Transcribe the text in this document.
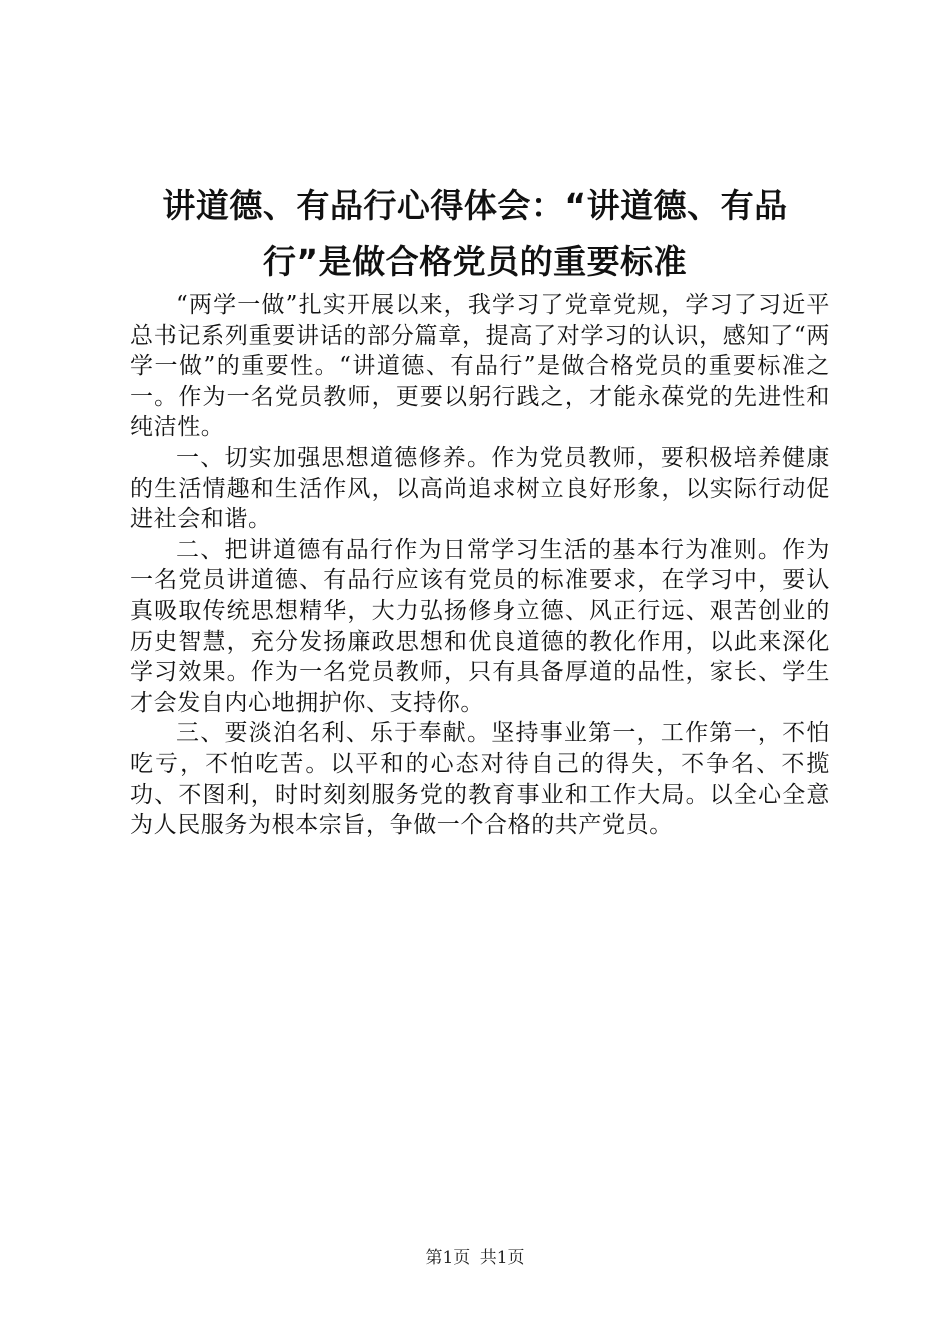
讲道德、有品行心得体会：“讲道德、有品
行”是做合格党员的重要标准

“两学一做”扎实开展以来，我学习了党章党规，学习了习近平总书记系列重要讲话的部分篇章，提高了对学习的认识，感知了“两学一做”的重要性。“讲道德、有品行”是做合格党员的重要标准之一。作为一名党员教师，更要以躬行践之，才能永葆党的先进性和纯洁性。

一、切实加强思想道德修养。作为党员教师，要积极培养健康的生活情趣和生活作风，以高尚追求树立良好形象，以实际行动促进社会和谐。

二、把讲道德有品行作为日常学习生活的基本行为准则。作为一名党员讲道德、有品行应该有党员的标准要求，在学习中，要认真吸取传统思想精华，大力弘扬修身立德、风正行远、艰苦创业的历史智慧，充分发扬廉政思想和优良道德的教化作用，以此来深化学习效果。作为一名党员教师，只有具备厚道的品性，家长、学生才会发自内心地拥护你、支持你。

三、要淡泊名利、乐于奉献。坚持事业第一，工作第一，不怕吃亏，不怕吃苦。以平和的心态对待自己的得失，不争名、不揽功、不图利，时时刻刻服务党的教育事业和工作大局。以全心全意为人民服务为根本宗旨，争做一个合格的共产党员。

第1页 共1页
